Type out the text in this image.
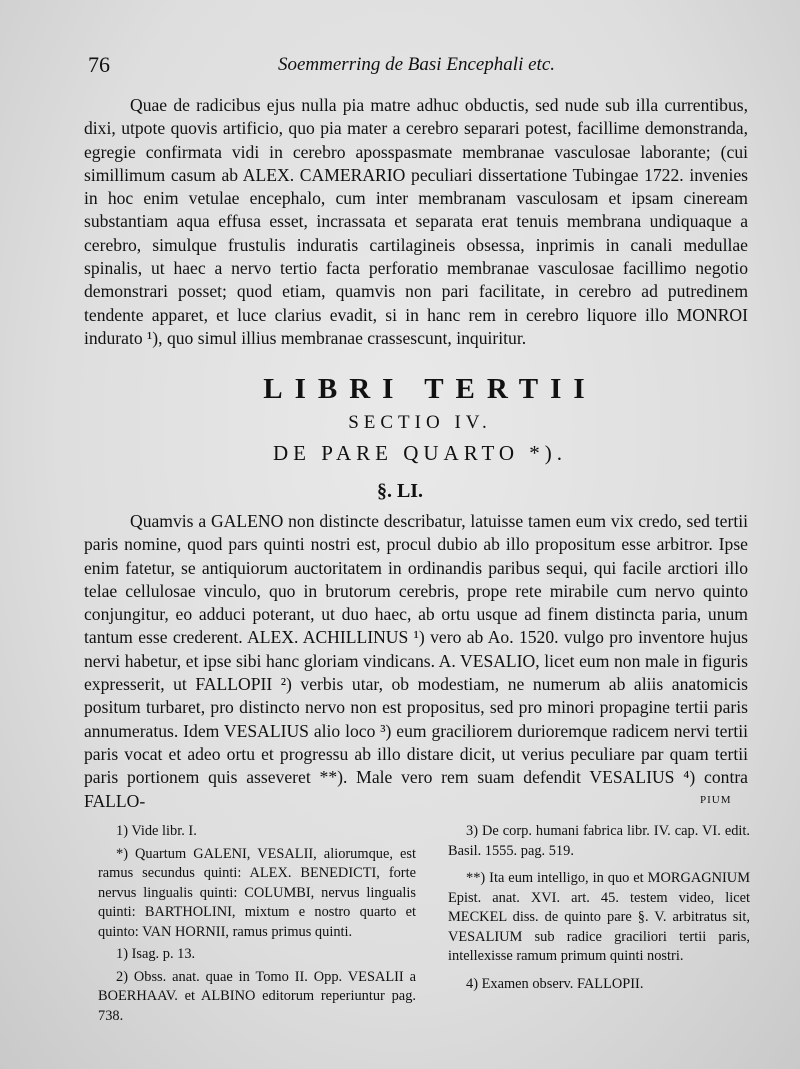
76	Soemmerring de Basi Encephali etc.

Quae de radicibus ejus nulla pia matre adhuc obductis, sed nude sub illa currentibus, dixi, utpote quovis artificio, quo pia mater a cerebro separari potest, facillime demonstranda, egregie confirmata vidi in cerebro aposspasmate membranae vasculosae laborante; (cui simillimum casum ab ALEX. CAMERARIO peculiari dissertatione Tubingae 1722. invenies in hoc enim vetulae encephalo, cum inter membranam vasculosam et ipsam cineream substantiam aqua effusa esset, incrassata et separata erat tenuis membrana undiquaque a cerebro, simulque frustulis induratis cartilagineis obsessa, inprimis in canali medullae spinalis, ut haec a nervo tertio facta perforatio membranae vasculosae facillimo negotio demonstrari posset; quod etiam, quamvis non pari facilitate, in cerebro ad putredinem tendente apparet, et luce clarius evadit, si in hanc rem in cerebro liquore illo MONROI indurato ¹), quo simul illius membranae crassescunt, inquiritur.

LIBRI TERTII
SECTIO IV.
DE PARE QUARTO *).
§. LI.

Quamvis a GALENO non distincte describatur, latuisse tamen eum vix credo, sed tertii paris nomine, quod pars quinti nostri est, procul dubio ab illo propositum esse arbitror. Ipse enim fatetur, se antiquiorum auctoritatem in ordinandis paribus sequi, qui facile arctiori illo telae cellulosae vinculo, quo in brutorum cerebris, prope rete mirabile cum nervo quinto conjungitur, eo adduci poterant, ut duo haec, ab ortu usque ad finem distincta paria, unum tantum esse crederent. ALEX. ACHILLINUS ¹) vero ab Ao. 1520. vulgo pro inventore hujus nervi habetur, et ipse sibi hanc gloriam vindicans. A. VESALIO, licet eum non male in figuris expresserit, ut FALLOPII ²) verbis utar, ob modestiam, ne numerum ab aliis anatomicis positum turbaret, pro distincto nervo non est propositus, sed pro minori propagine tertii paris annumeratus. Idem VESALIUS alio loco ³) eum graciliorem durioremque radicem nervi tertii paris vocat et adeo ortu et progressu ab illo distare dicit, ut verius peculiare par quam tertii paris portionem quis asseveret **). Male vero rem suam defendit VESALIUS ⁴) contra FALLO-	PIUM

1) Vide libr. I.

*) Quartum GALENI, VESALII, aliorumque, est ramus secundus quinti: ALEX. BENEDICTI, forte nervus lingualis quinti: COLUMBI, nervus lingualis quinti: BARTHOLINI, mixtum e nostro quarto et quinto: VAN HORNII, ramus primus quinti.

1) Isag. p. 13.

2) Obss. anat. quae in Tomo II. Opp. VESALII a BOERHAAV. et ALBINO editorum reperiuntur pag. 738.

3) De corp. humani fabrica libr. IV. cap. VI. edit. Basil. 1555. pag. 519.

**) Ita eum intelligo, in quo et MORGAGNIUM Epist. anat. XVI. art. 45. testem video, licet MECKEL diss. de quinto pare §. V. arbitratus sit, VESALIUM sub radice graciliori tertii paris, intellexisse ramum primum quinti nostri.

4) Examen observ. FALLOPII.
